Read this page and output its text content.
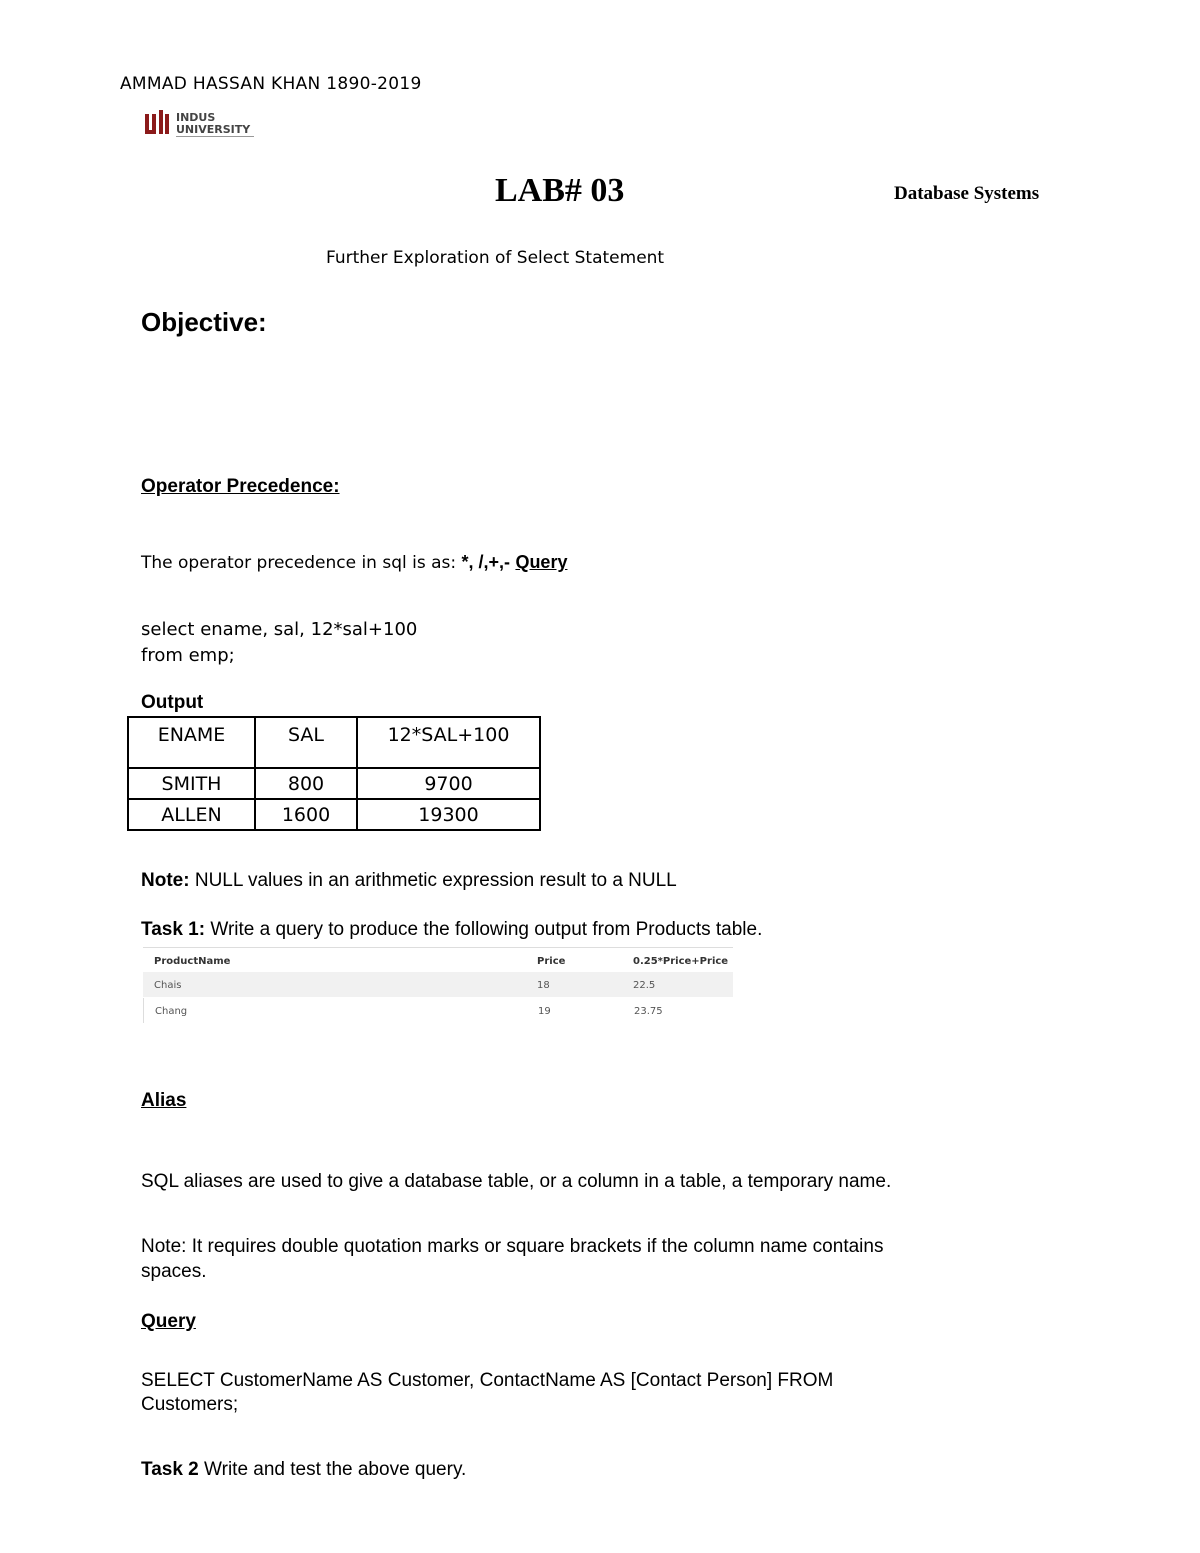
AMMAD HASSAN KHAN 1890-2019
INDUS
UNIVERSITY
LAB# 03	Database Systems
Further Exploration of Select Statement
Objective:
Operator Precedence:
The operator precedence in sql is as: *, /,+,- Query
select ename, sal, 12*sal+100
from emp;
Output
ENAME	SAL	12*SAL+100
SMITH	800	9700
ALLEN	1600	19300
Note: NULL values in an arithmetic expression result to a NULL
Task 1: Write a query to produce the following output from Products table.
ProductName	Price	0.25*Price+Price
Chais	18	22.5
Chang	19	23.75
Alias
SQL aliases are used to give a database table, or a column in a table, a temporary name.
Note: It requires double quotation marks or square brackets if the column name contains
spaces.
Query
SELECT CustomerName AS Customer, ContactName AS [Contact Person] FROM
Customers;
Task 2 Write and test the above query.
